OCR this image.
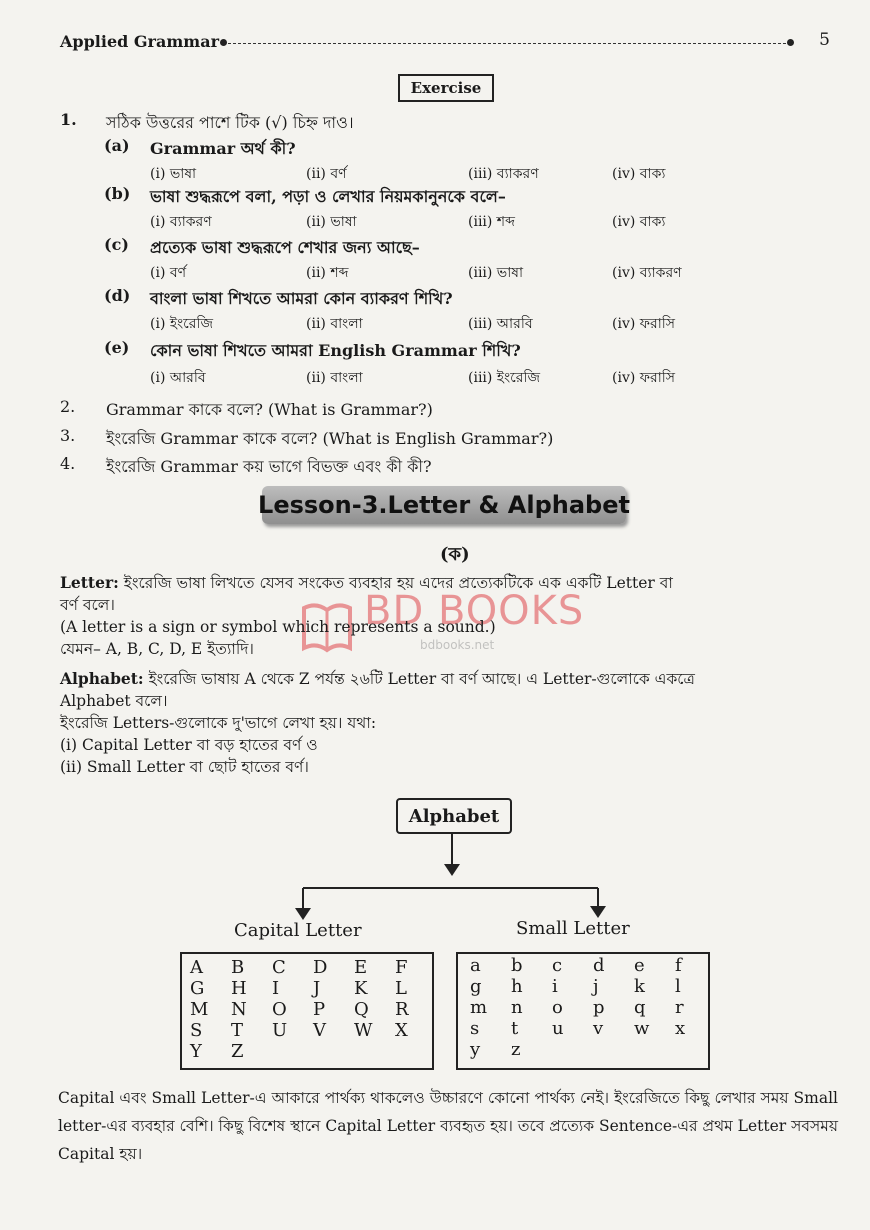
Applied Grammar	5
Exercise
1.	সঠিক উত্তরের পাশে টিক (√) চিহ্ন দাও।
(a) Grammar অর্থ কী?
(i) ভাষা	(ii) বর্ণ	(iii) ব্যাকরণ	(iv) বাক্য
(b) ভাষা শুদ্ধরূপে বলা, পড়া ও লেখার নিয়মকানুনকে বলে–
(i) ব্যাকরণ	(ii) ভাষা	(iii) শব্দ	(iv) বাক্য
(c) প্রত্যেক ভাষা শুদ্ধরূপে শেখার জন্য আছে–
(i) বর্ণ	(ii) শব্দ	(iii) ভাষা	(iv) ব্যাকরণ
(d) বাংলা ভাষা শিখতে আমরা কোন ব্যাকরণ শিখি?
(i) ইংরেজি	(ii) বাংলা	(iii) আরবি	(iv) ফরাসি
(e) কোন ভাষা শিখতে আমরা English Grammar শিখি?
(i) আরবি	(ii) বাংলা	(iii) ইংরেজি	(iv) ফরাসি
2.	Grammar কাকে বলে? (What is Grammar?)
3.	ইংরেজি Grammar কাকে বলে? (What is English Grammar?)
4.	ইংরেজি Grammar কয় ভাগে বিভক্ত এবং কী কী?
Lesson-3.Letter & Alphabet
(ক)
BD BOOKS
bdbooks.net
Letter: ইংরেজি ভাষা লিখতে যেসব সংকেত ব্যবহার হয় এদের প্রত্যেকটিকে এক একটি Letter বা
বর্ণ বলে।
(A letter is a sign or symbol which represents a sound.)
যেমন– A, B, C, D, E ইত্যাদি।
Alphabet: ইংরেজি ভাষায় A থেকে Z পর্যন্ত ২৬টি Letter বা বর্ণ আছে। এ Letter-গুলোকে একত্রে
Alphabet বলে।
ইংরেজি Letters-গুলোকে দু'ভাগে লেখা হয়। যথা:
(i) Capital Letter বা বড় হাতের বর্ণ ও
(ii) Small Letter বা ছোট হাতের বর্ণ।
Alphabet
Capital Letter	Small Letter
A	B	C	D	E	F
G	H	I	J	K	L
M	N	O	P	Q	R
S	T	U	V	W	X
Y	Z
a	b	c	d	e	f
g	h	i	j	k	l
m	n	o	p	q	r
s	t	u	v	w	x
y	z
Capital এবং Small Letter-এ আকারে পার্থক্য থাকলেও উচ্চারণে কোনো পার্থক্য নেই। ইংরেজিতে কিছু লেখার সময় Small letter-এর ব্যবহার বেশি। কিছু বিশেষ স্থানে Capital Letter ব্যবহৃত হয়। তবে প্রত্যেক Sentence-এর প্রথম Letter সবসময় Capital হয়।
